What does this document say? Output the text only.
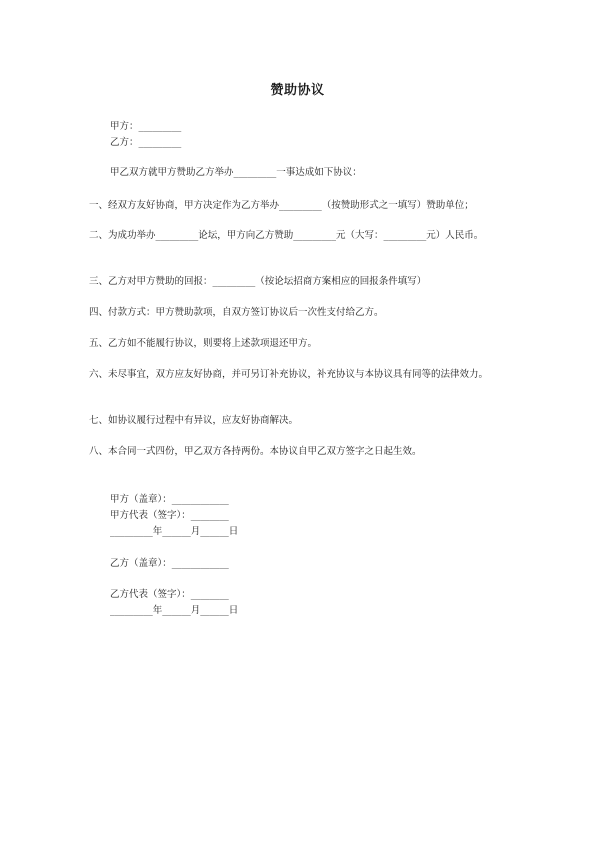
赞助协议

甲方：_________

乙方：_________

甲乙双方就甲方赞助乙方举办_________一事达成如下协议：

一、经双方友好协商，甲方决定作为乙方举办_________（按赞助形式之一填写）赞助单位；

二、为成功举办_________论坛，甲方向乙方赞助_________元（大写：_________元）人民币。

三、乙方对甲方赞助的回报：_________（按论坛招商方案相应的回报条件填写）

四、付款方式：甲方赞助款项，自双方签订协议后一次性支付给乙方。

五、乙方如不能履行协议，则要将上述款项退还甲方。

六、未尽事宜，双方应友好协商，并可另订补充协议，补充协议与本协议具有同等的法律效力。

七、如协议履行过程中有异议，应友好协商解决。

八、本合同一式四份，甲乙双方各持两份。本协议自甲乙双方签字之日起生效。

甲方（盖章）：____________

甲方代表（签字）：________

_________年______月______日

乙方（盖章）：____________

乙方代表（签字）：________

_________年______月______日
